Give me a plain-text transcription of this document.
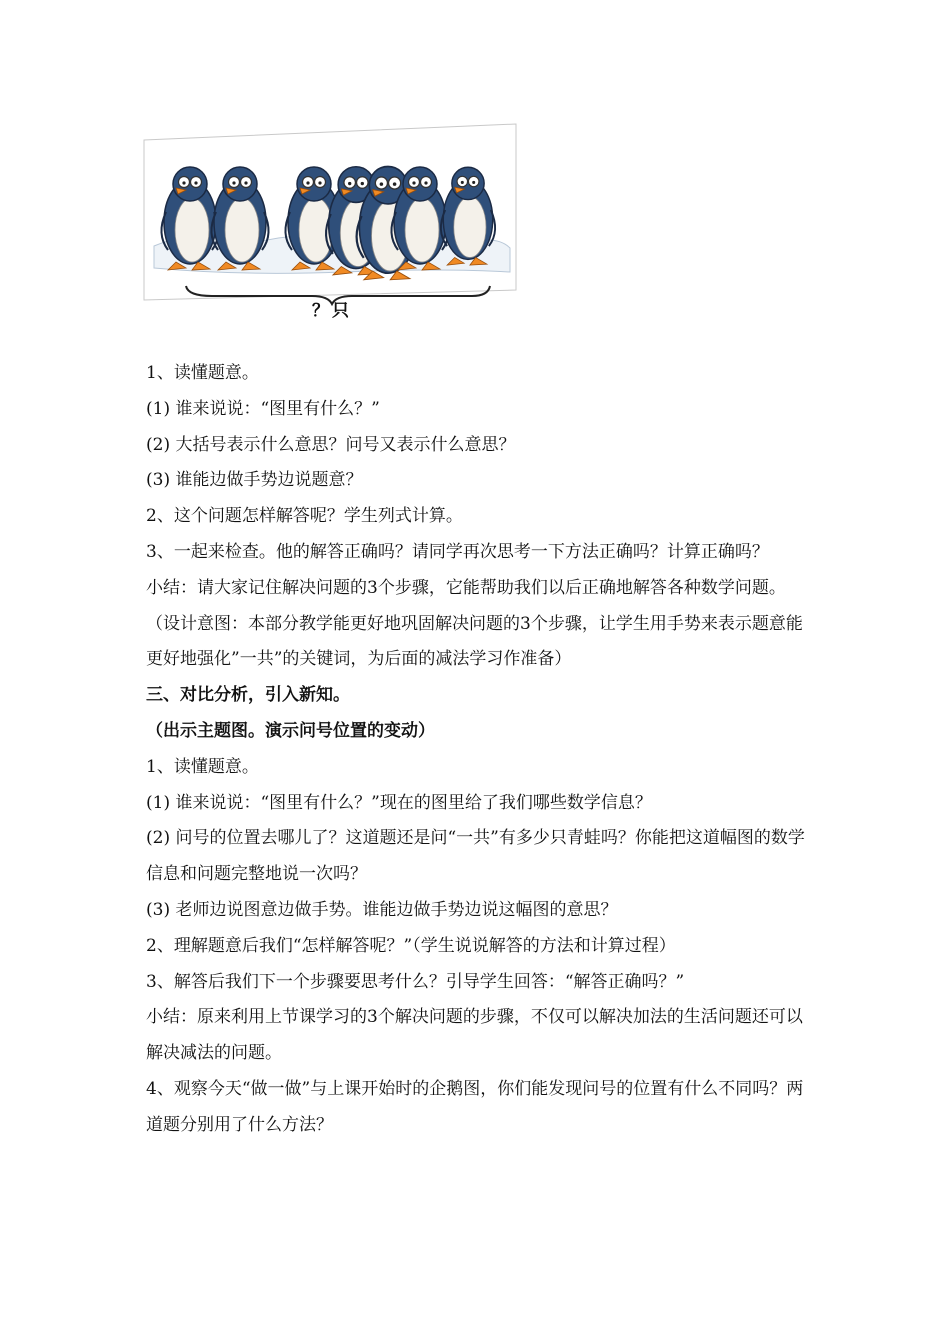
？只

1、读懂题意。

(1) 谁来说说：“图里有什么？”

(2) 大括号表示什么意思？问号又表示什么意思？

(3) 谁能边做手势边说题意？

2、这个问题怎样解答呢？学生列式计算。

3、一起来检查。他的解答正确吗？请同学再次思考一下方法正确吗？计算正确吗？

小结：请大家记住解决问题的3个步骤，它能帮助我们以后正确地解答各种数学问题。

（设计意图：本部分教学能更好地巩固解决问题的3个步骤，让学生用手势来表示题意能更好地强化”一共”的关键词，为后面的减法学习作准备）

三、对比分析，引入新知。

（出示主题图。演示问号位置的变动）

1、读懂题意。

(1) 谁来说说：“图里有什么？”现在的图里给了我们哪些数学信息？

(2) 问号的位置去哪儿了？这道题还是问“一共”有多少只青蛙吗？你能把这道幅图的数学信息和问题完整地说一次吗？

(3) 老师边说图意边做手势。谁能边做手势边说这幅图的意思？

2、理解题意后我们“怎样解答呢？”（学生说说解答的方法和计算过程）

3、解答后我们下一个步骤要思考什么？引导学生回答：“解答正确吗？”

小结：原来利用上节课学习的3个解决问题的步骤，不仅可以解决加法的生活问题还可以解决减法的问题。

4、观察今天“做一做”与上课开始时的企鹅图，你们能发现问号的位置有什么不同吗？两道题分别用了什么方法？
